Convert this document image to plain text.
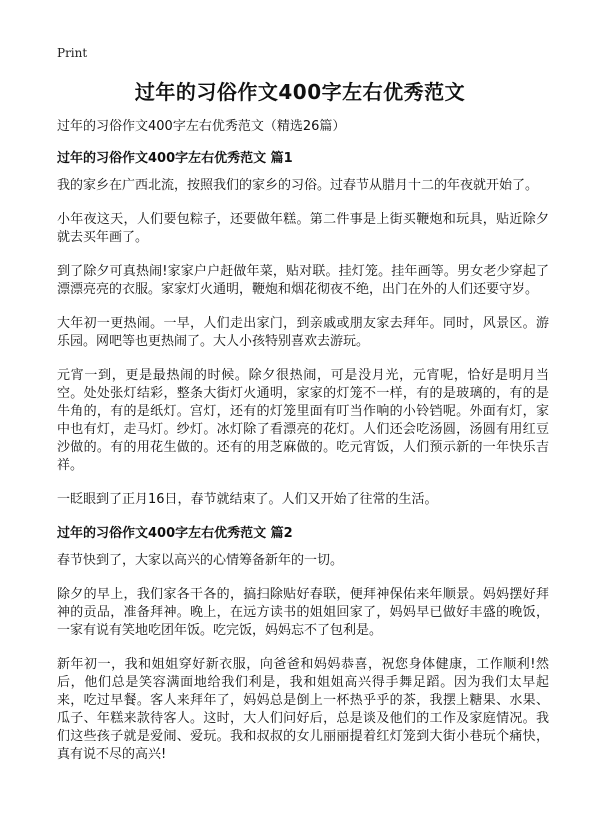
Print
过年的习俗作文400字左右优秀范文

过年的习俗作文400字左右优秀范文（精选26篇）

过年的习俗作文400字左右优秀范文 篇1

我的家乡在广西北流，按照我们的家乡的习俗。过春节从腊月十二的年夜就开始了。

小年夜这天，人们要包粽子，还要做年糕。第二件事是上街买鞭炮和玩具，贴近除夕就去买年画了。

到了除夕可真热闹!家家户户赶做年菜，贴对联。挂灯笼。挂年画等。男女老少穿起了漂漂亮亮的衣服。家家灯火通明，鞭炮和烟花彻夜不绝，出门在外的人们还要守岁。

大年初一更热闹。一早，人们走出家门，到亲戚或朋友家去拜年。同时，风景区。游乐园。网吧等也更热闹了。大人小孩特别喜欢去游玩。

元宵一到，更是最热闹的时候。除夕很热闹，可是没月光，元宵呢，恰好是明月当空。处处张灯结彩，整条大街灯火通明，家家的灯笼不一样，有的是玻璃的，有的是牛角的，有的是纸灯。宫灯，还有的灯笼里面有叮当作响的小铃铛呢。外面有灯，家中也有灯，走马灯。纱灯。冰灯除了看漂亮的花灯。人们还会吃汤圆，汤圆有用红豆沙做的。有的用花生做的。还有的用芝麻做的。吃元宵饭，人们预示新的一年快乐吉祥。

一眨眼到了正月16日，春节就结束了。人们又开始了往常的生活。

过年的习俗作文400字左右优秀范文 篇2

春节快到了，大家以高兴的心情筹备新年的一切。

除夕的早上，我们家各干各的，搞扫除贴好春联，便拜神保佑来年顺景。妈妈摆好拜神的贡品，准备拜神。晚上，在远方读书的姐姐回家了，妈妈早已做好丰盛的晚饭，一家有说有笑地吃团年饭。吃完饭，妈妈忘不了包利是。

新年初一，我和姐姐穿好新衣服，向爸爸和妈妈恭喜，祝您身体健康，工作顺利!然后，他们总是笑容满面地给我们利是，我和姐姐高兴得手舞足蹈。因为我们太早起来，吃过早餐。客人来拜年了，妈妈总是倒上一杯热乎乎的茶，我摆上糖果、水果、瓜子、年糕来款待客人。这时，大人们问好后，总是谈及他们的工作及家庭情况。我们这些孩子就是爱闹、爱玩。我和叔叔的女儿丽丽提着红灯笼到大街小巷玩个痛快，真有说不尽的高兴!
